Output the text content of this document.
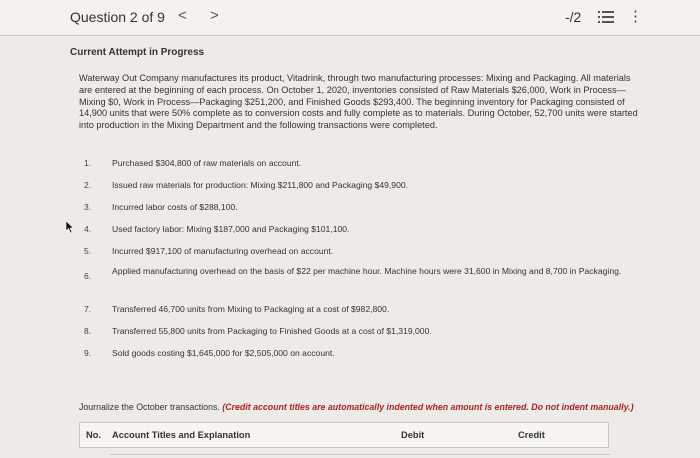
Question 2 of 9 < >	-/2	⋮
Current Attempt in Progress

Waterway Out Company manufactures its product, Vitadrink, through two manufacturing processes: Mixing and Packaging. All materials are entered at the beginning of each process. On October 1, 2020, inventories consisted of Raw Materials $26,000, Work in Process—Mixing $0, Work in Process—Packaging $251,200, and Finished Goods $293,400. The beginning inventory for Packaging consisted of 14,900 units that were 50% complete as to conversion costs and fully complete as to materials. During October, 52,700 units were started into production in the Mixing Department and the following transactions were completed.

1. Purchased $304,800 of raw materials on account.
2. Issued raw materials for production: Mixing $211,800 and Packaging $49,900.
3. Incurred labor costs of $288,100.
4. Used factory labor: Mixing $187,000 and Packaging $101,100.
5. Incurred $917,100 of manufacturing overhead on account.
6. Applied manufacturing overhead on the basis of $22 per machine hour. Machine hours were 31,600 in Mixing and 8,700 in Packaging.
7. Transferred 46,700 units from Mixing to Packaging at a cost of $982,800.
8. Transferred 55,800 units from Packaging to Finished Goods at a cost of $1,319,000.
9. Sold goods costing $1,645,000 for $2,505,000 on account.
Journalize the October transactions. (Credit account titles are automatically indented when amount is entered. Do not indent manually.)
No. Account Titles and Explanation	Debit	Credit
